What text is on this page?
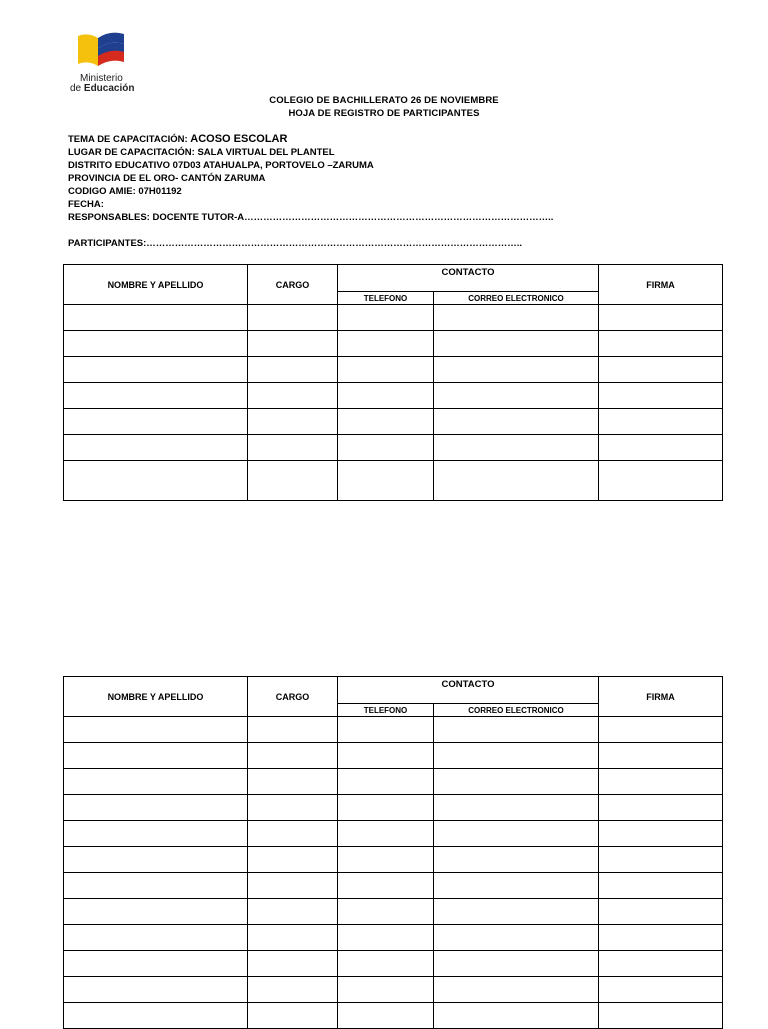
Ministerio
de Educación
COLEGIO DE BACHILLERATO 26 DE NOVIEMBRE
HOJA DE REGISTRO DE PARTICIPANTES
TEMA DE CAPACITACIÓN: ACOSO ESCOLAR
LUGAR DE CAPACITACIÓN: SALA VIRTUAL DEL PLANTEL
DISTRITO EDUCATIVO 07D03 ATAHUALPA, PORTOVELO –ZARUMA
PROVINCIA DE EL ORO- CANTÓN ZARUMA
CODIGO AMIE: 07H01192
FECHA:
RESPONSABLES: DOCENTE TUTOR-A……………………………………………………………………………………..
PARTICIPANTES:………………………………………………………………………………………………………..
NOMBRE Y APELLIDO	CARGO	CONTACTO		FIRMA
		TELEFONO	CORREO ELECTRONICO	

NOMBRE Y APELLIDO	CARGO	CONTACTO		FIRMA
		TELEFONO	CORREO ELECTRONICO	
